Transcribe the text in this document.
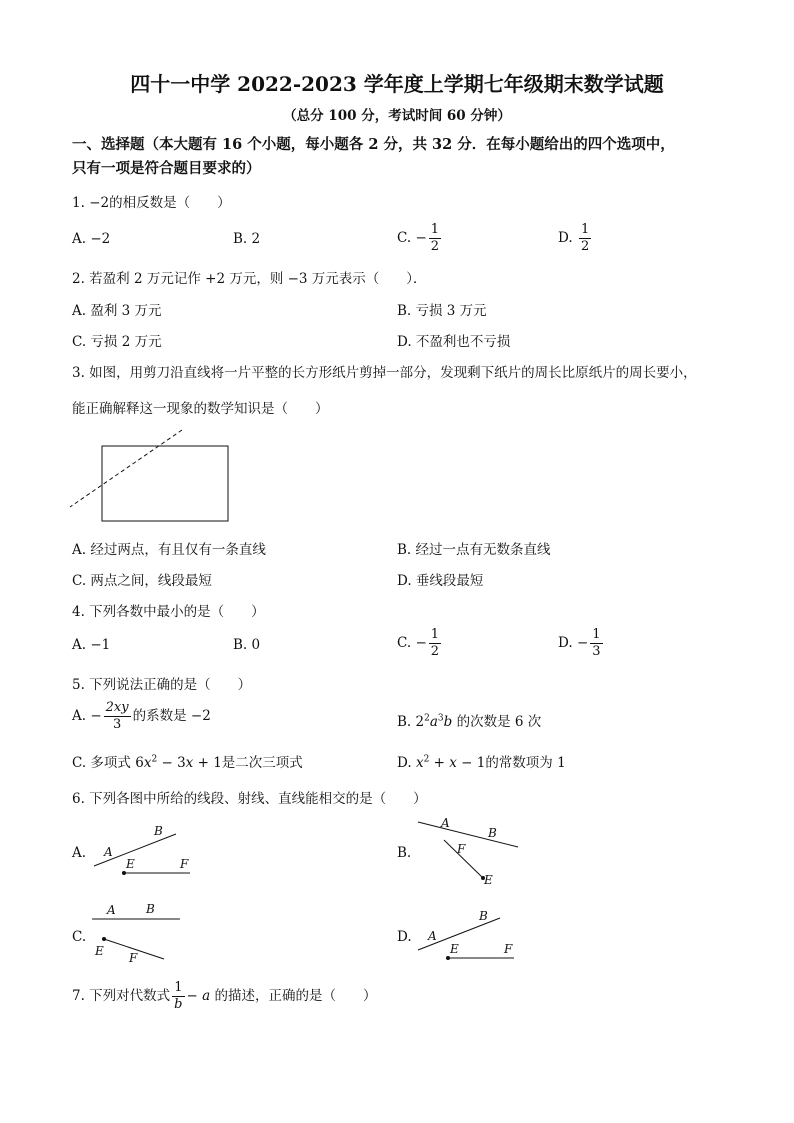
四十一中学 2022-2023 学年度上学期七年级期末数学试题
（总分 100 分，考试时间 60 分钟）
一、选择题（本大题有 16 个小题，每小题各 2 分，共 32 分．在每小题给出的四个选项中，
只有一项是符合题目要求的）
1. −2的相反数是（　　）
A. −2	B. 2	C. − $\frac{1}{2}$	D. $\frac{1}{2}$
2. 若盈利 2 万元记作 +2 万元，则 −3 万元表示（　　）．
A. 盈利 3 万元	B. 亏损 3 万元
C. 亏损 2 万元	D. 不盈利也不亏损
3. 如图，用剪刀沿直线将一片平整的长方形纸片剪掉一部分，发现剩下纸片的周长比原纸片的周长要小，
能正确解释这一现象的数学知识是（　　）
A. 经过两点，有且仅有一条直线	B. 经过一点有无数条直线
C. 两点之间，线段最短	D. 垂线段最短
4. 下列各数中最小的是（　　）
A. −1	B. 0	C. − $\frac{1}{2}$	D. − $\frac{1}{3}$
5. 下列说法正确的是（　　）
A. − $\frac{2xy}{3}$ 的系数是 −2	B. $2^2a^3b$ 的次数是 6 次
C. 多项式 $6x^2 - 3x + 1$是二次三项式	D. $x^2 + x - 1$的常数项为 1
6. 下列各图中所给的线段、射线、直线能相交的是（　　）
A. A
B
E	F
B.
A
B
F
E
C.
A	B
E F
D. A
B
E	F
7. 下列对代数式 $\frac{1}{b} - a$ 的描述，正确的是（　　）
